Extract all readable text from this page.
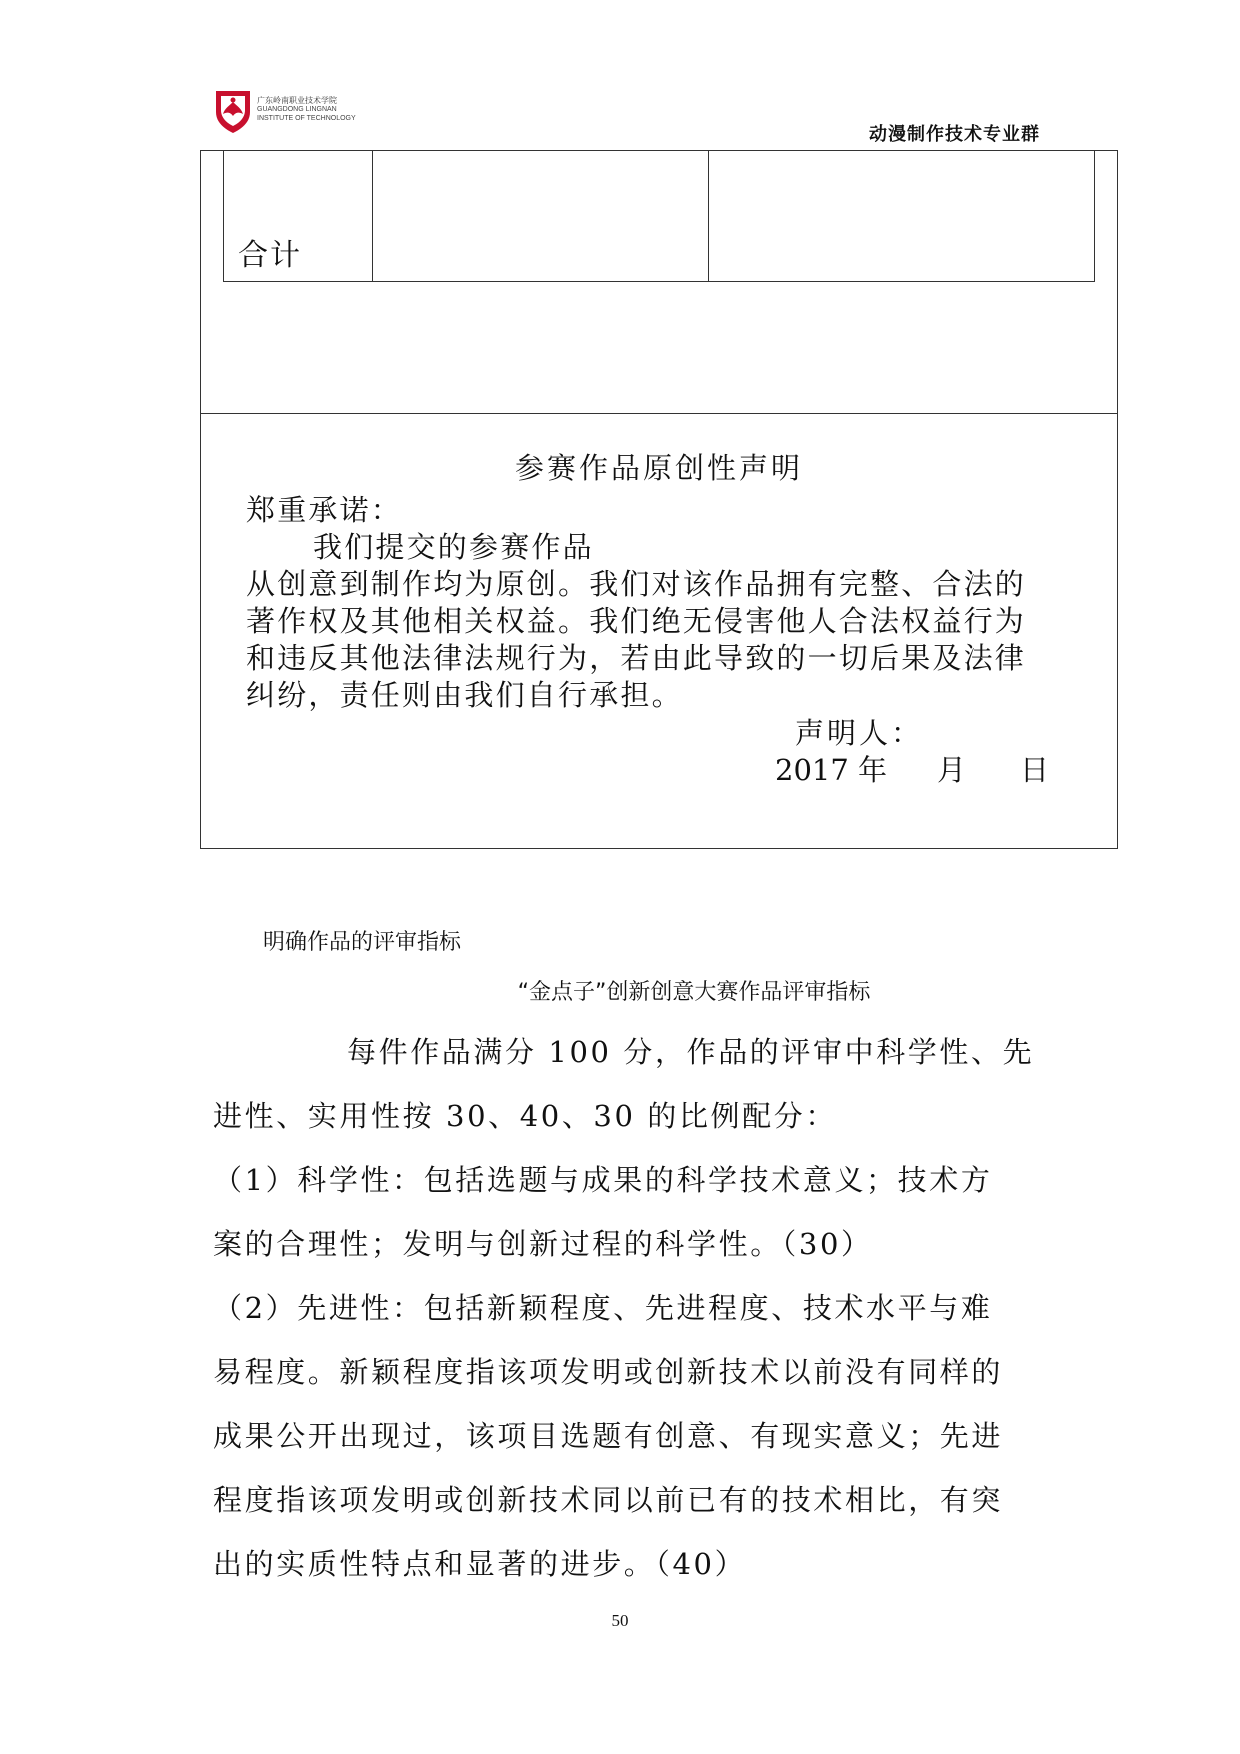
广东岭南职业技术学院
GUANGDONG LINGNAN
INSTITUTE OF TECHNOLOGY
动漫制作技术专业群
合计
参赛作品原创性声明
郑重承诺：
我们提交的参赛作品
从创意到制作均为原创。我们对该作品拥有完整、合法的
著作权及其他相关权益。我们绝无侵害他人合法权益行为
和违反其他法律法规行为，若由此导致的一切后果及法律
纠纷，责任则由我们自行承担。
声明人：
2017 年 月 日
明确作品的评审指标
“金点子”创新创意大赛作品评审指标
每件作品满分 100 分，作品的评审中科学性、先
进性、实用性按 30、40、30 的比例配分：
（1）科学性：包括选题与成果的科学技术意义；技术方
案的合理性；发明与创新过程的科学性。（30）
（2）先进性：包括新颖程度、先进程度、技术水平与难
易程度。新颖程度指该项发明或创新技术以前没有同样的
成果公开出现过，该项目选题有创意、有现实意义；先进
程度指该项发明或创新技术同以前已有的技术相比，有突
出的实质性特点和显著的进步。（40）
50
